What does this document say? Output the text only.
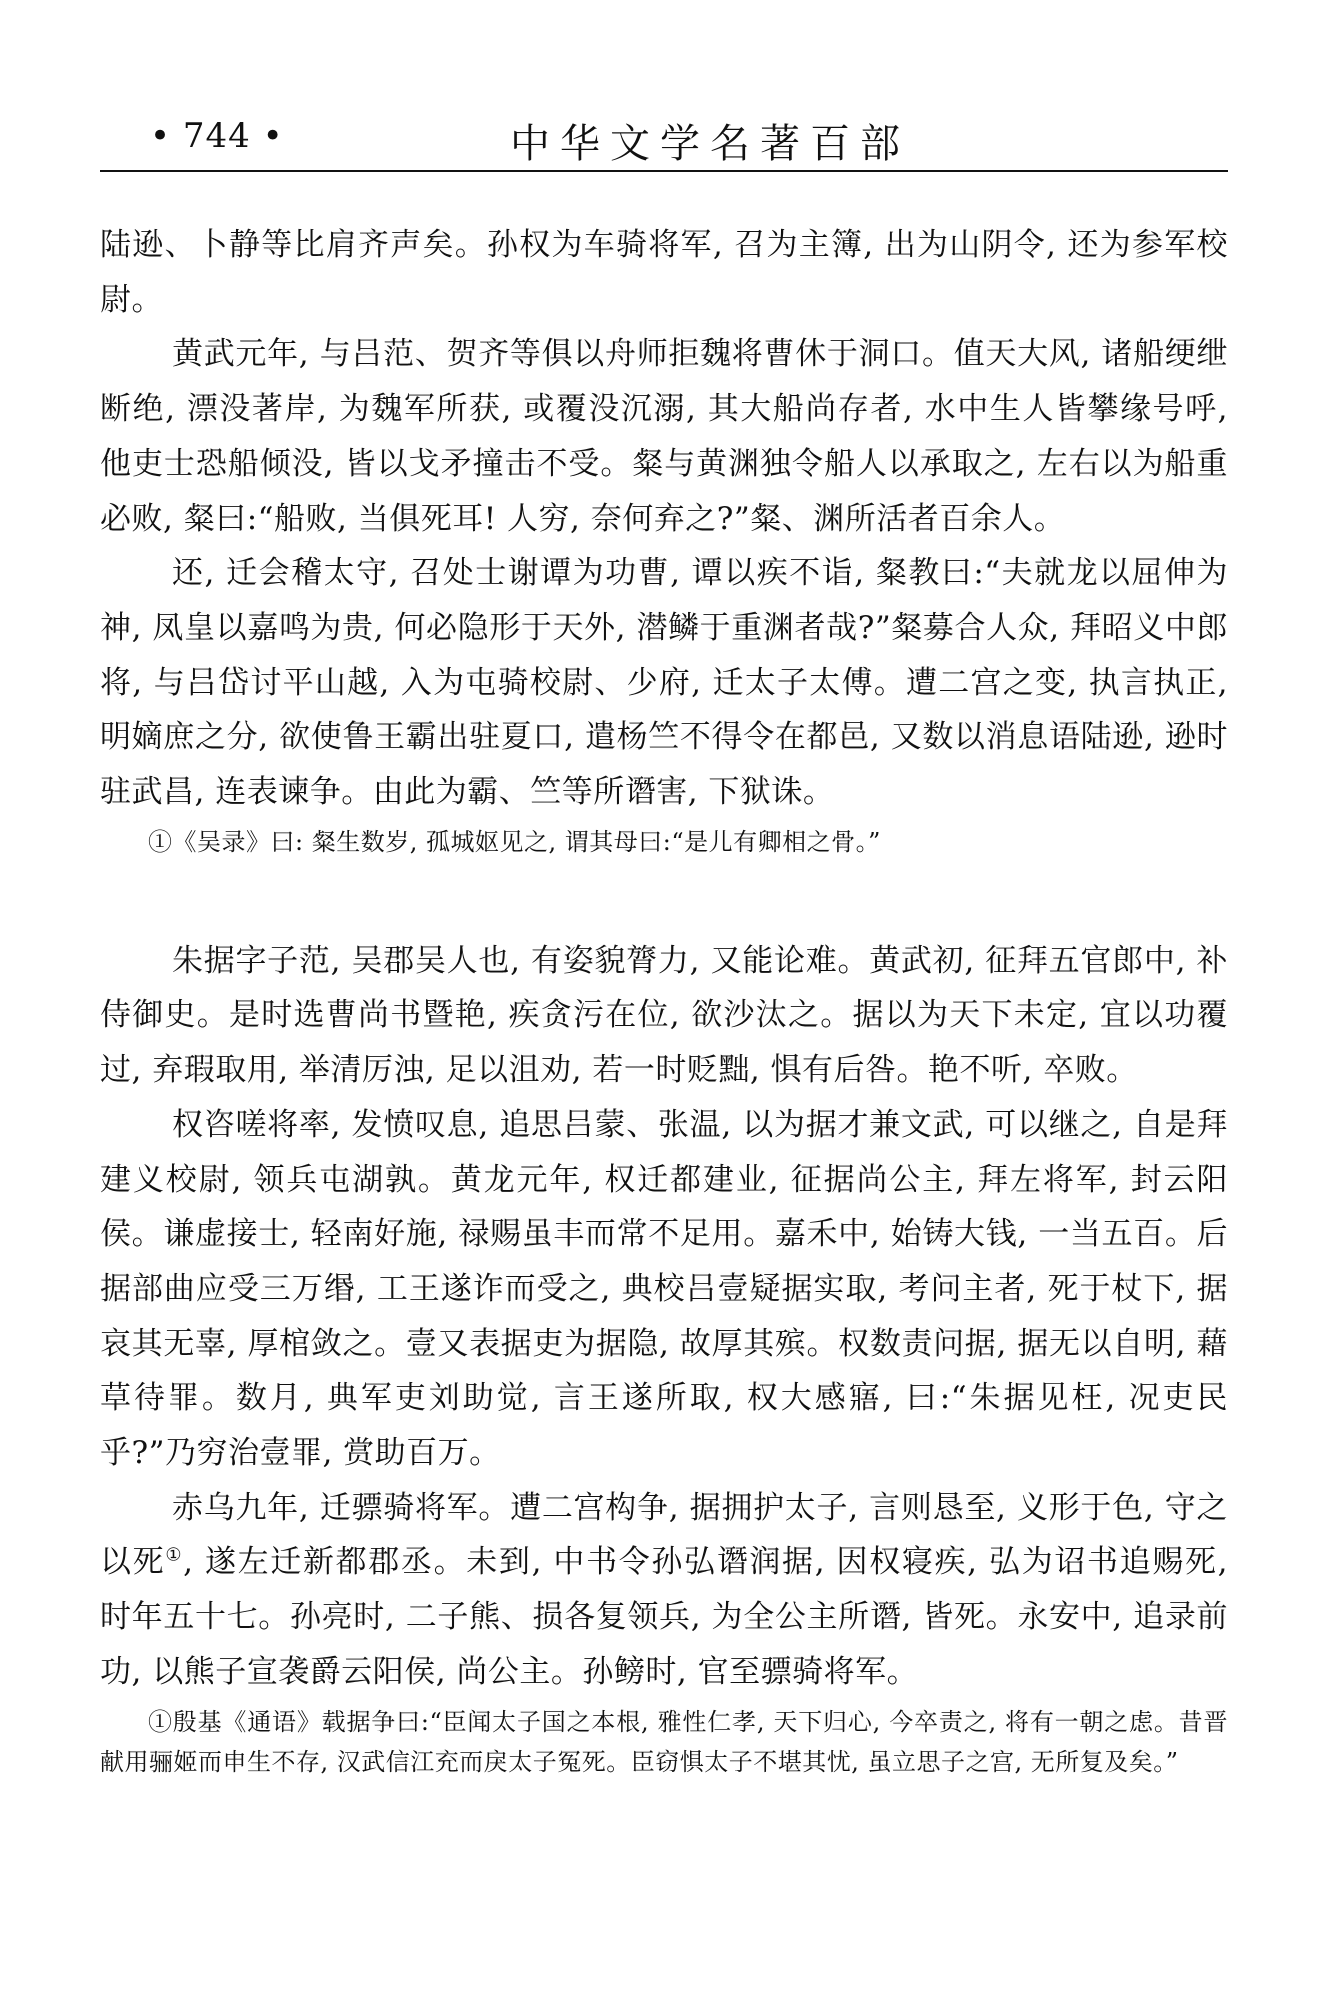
• 744 •	中华文学名著百部

陆逊、卜静等比肩齐声矣。孙权为车骑将军, 召为主簿, 出为山阴令, 还为参军校尉。

黄武元年, 与吕范、贺齐等俱以舟师拒魏将曹休于洞口。值天大风, 诸船绠绁断绝, 漂没著岸, 为魏军所获, 或覆没沉溺, 其大船尚存者, 水中生人皆攀缘号呼, 他吏士恐船倾没, 皆以戈矛撞击不受。粲与黄渊独令船人以承取之, 左右以为船重必败, 粲曰:“船败, 当俱死耳! 人穷, 奈何弃之?”粲、渊所活者百余人。

还, 迁会稽太守, 召处士谢谭为功曹, 谭以疾不诣, 粲教曰:“夫就龙以屈伸为神, 凤皇以嘉鸣为贵, 何必隐形于天外, 潜鳞于重渊者哉?”粲募合人众, 拜昭义中郎将, 与吕岱讨平山越, 入为屯骑校尉、少府, 迁太子太傅。遭二宫之变, 执言执正, 明嫡庶之分, 欲使鲁王霸出驻夏口, 遣杨竺不得令在都邑, 又数以消息语陆逊, 逊时驻武昌, 连表谏争。由此为霸、竺等所谮害, 下狱诛。

①《吴录》曰: 粲生数岁, 孤城妪见之, 谓其母曰:“是儿有卿相之骨。”

朱据字子范, 吴郡吴人也, 有姿貌膂力, 又能论难。黄武初, 征拜五官郎中, 补侍御史。是时选曹尚书暨艳, 疾贪污在位, 欲沙汰之。据以为天下未定, 宜以功覆过, 弃瑕取用, 举清厉浊, 足以沮劝, 若一时贬黜, 惧有后咎。艳不听, 卒败。

权咨嗟将率, 发愤叹息, 追思吕蒙、张温, 以为据才兼文武, 可以继之, 自是拜建义校尉, 领兵屯湖孰。黄龙元年, 权迁都建业, 征据尚公主, 拜左将军, 封云阳侯。谦虚接士, 轻南好施, 禄赐虽丰而常不足用。嘉禾中, 始铸大钱, 一当五百。后据部曲应受三万缗, 工王遂诈而受之, 典校吕壹疑据实取, 考问主者, 死于杖下, 据哀其无辜, 厚棺敛之。壹又表据吏为据隐, 故厚其殡。权数责问据, 据无以自明, 藉草待罪。数月, 典军吏刘助觉, 言王遂所取, 权大感寤, 曰:“朱据见枉, 况吏民乎?”乃穷治壹罪, 赏助百万。

赤乌九年, 迁骠骑将军。遭二宫构争, 据拥护太子, 言则恳至, 义形于色, 守之以死①, 遂左迁新都郡丞。未到, 中书令孙弘谮润据, 因权寝疾, 弘为诏书追赐死, 时年五十七。孙亮时, 二子熊、损各复领兵, 为全公主所谮, 皆死。永安中, 追录前功, 以熊子宣袭爵云阳侯, 尚公主。孙鳑时, 官至骠骑将军。

①殷基《通语》载据争曰:“臣闻太子国之本根, 雅性仁孝, 天下归心, 今卒责之, 将有一朝之虑。昔晋献用骊姬而申生不存, 汉武信江充而戾太子冤死。臣窃惧太子不堪其忧, 虽立思子之宫, 无所复及矣。”
